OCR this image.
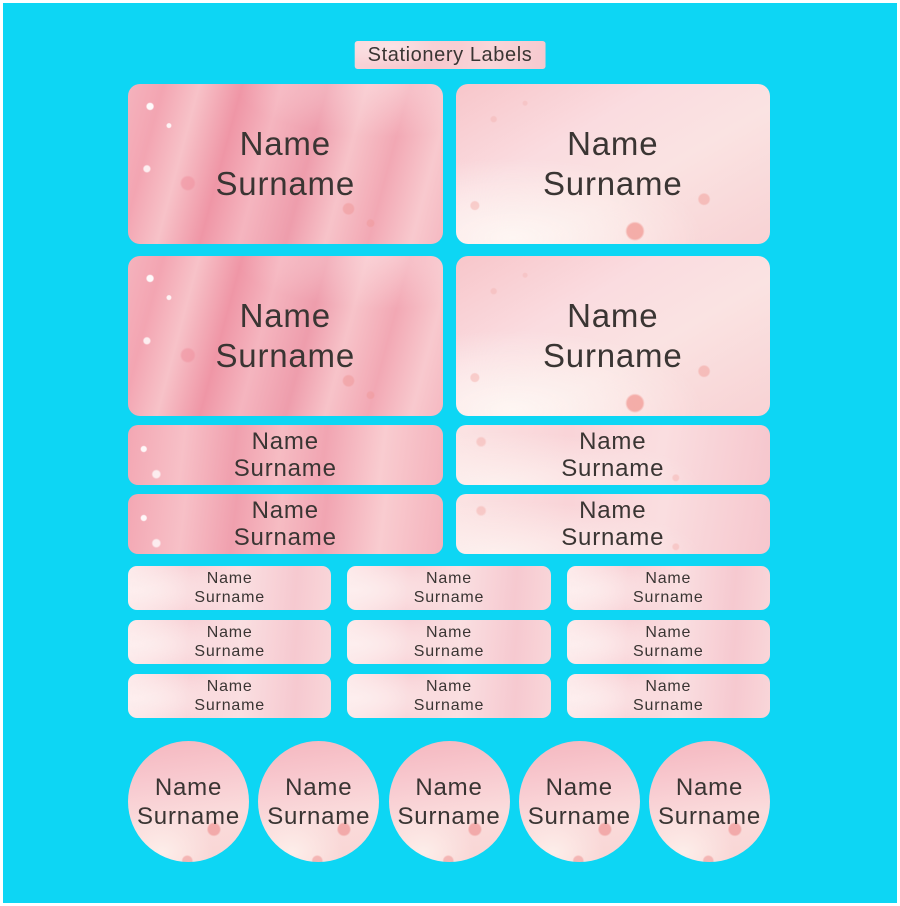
Stationery Labels
Name
Surname
Name
Surname
Name
Surname
Name
Surname
Name
Surname
Name
Surname
Name
Surname
Name
Surname
Name
Surname
Name
Surname
Name
Surname
Name
Surname
Name
Surname
Name
Surname
Name
Surname
Name
Surname
Name
Surname
Name
Surname
Name
Surname
Name
Surname
Name
Surname
Name
Surname
